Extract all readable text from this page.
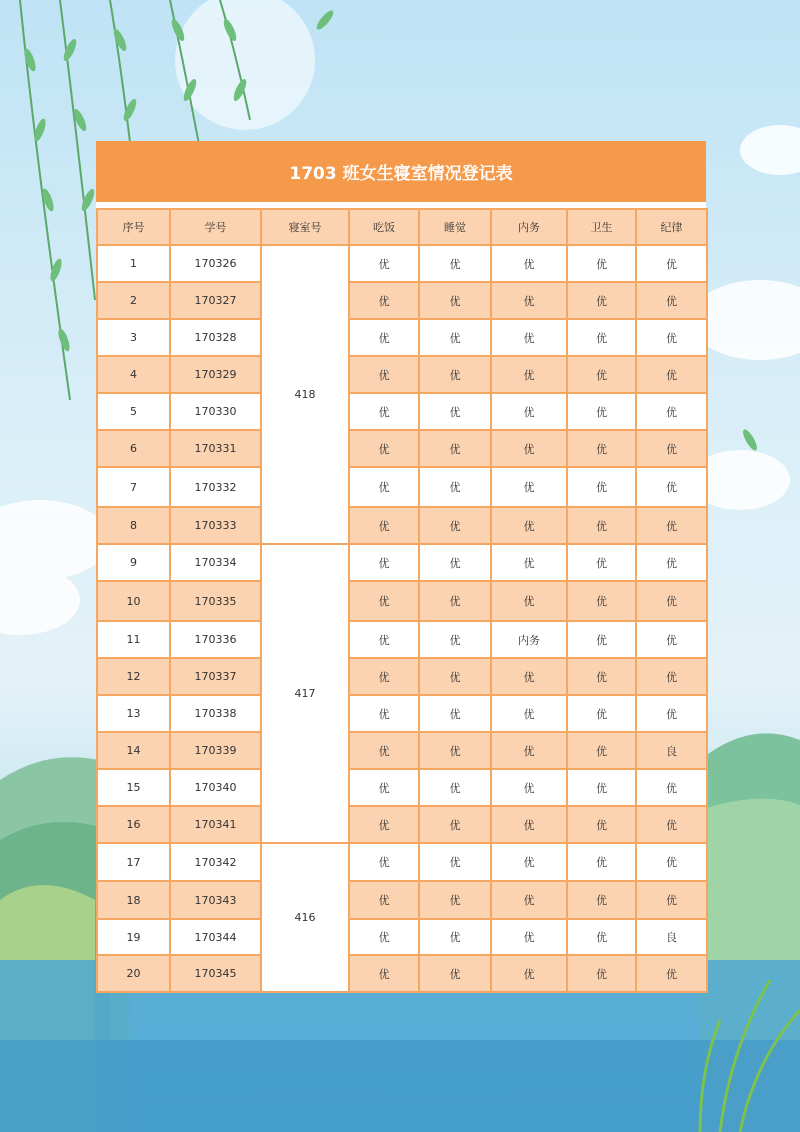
1703 班女生寝室情况登记表
序号	学号	寝室号	吃饭	睡觉	内务	卫生	纪律
1	170326	418	优	优	优	优	优
2	170327		优	优	优	优	优
3	170328		优	优	优	优	优
4	170329		优	优	优	优	优
5	170330		优	优	优	优	优
6	170331		优	优	优	优	优
7	170332		优	优	优	优	优
8	170333		优	优	优	优	优
9	170334	417	优	优	优	优	优
10	170335		优	优	优	优	优
11	170336		优	优	内务	优	优
12	170337		优	优	优	优	优
13	170338		优	优	优	优	优
14	170339		优	优	优	优	良
15	170340		优	优	优	优	优
16	170341		优	优	优	优	优
17	170342	416	优	优	优	优	优
18	170343		优	优	优	优	优
19	170344		优	优	优	优	良
20	170345		优	优	优	优	优
